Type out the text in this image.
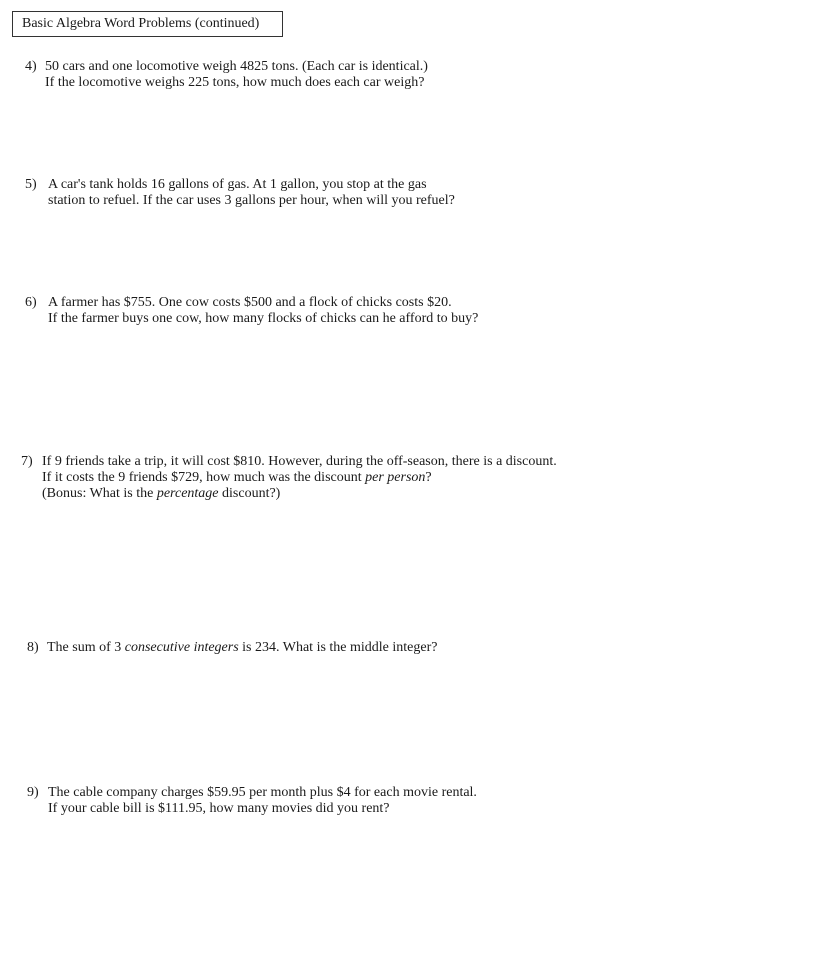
Basic Algebra Word Problems (continued)
4) 50 cars and one locomotive weigh 4825 tons. (Each car is identical.)
If the locomotive weighs 225 tons, how much does each car weigh?
5) A car's tank holds 16 gallons of gas. At 1 gallon, you stop at the gas
station to refuel. If the car uses 3 gallons per hour, when will you refuel?
6) A farmer has $755. One cow costs $500 and a flock of chicks costs $20.
If the farmer buys one cow, how many flocks of chicks can he afford to buy?
7) If 9 friends take a trip, it will cost $810. However, during the off-season, there is a discount.
If it costs the 9 friends $729, how much was the discount per person?
(Bonus: What is the percentage discount?)
8) The sum of 3 consecutive integers is 234. What is the middle integer?
9) The cable company charges $59.95 per month plus $4 for each movie rental.
If your cable bill is $111.95, how many movies did you rent?
